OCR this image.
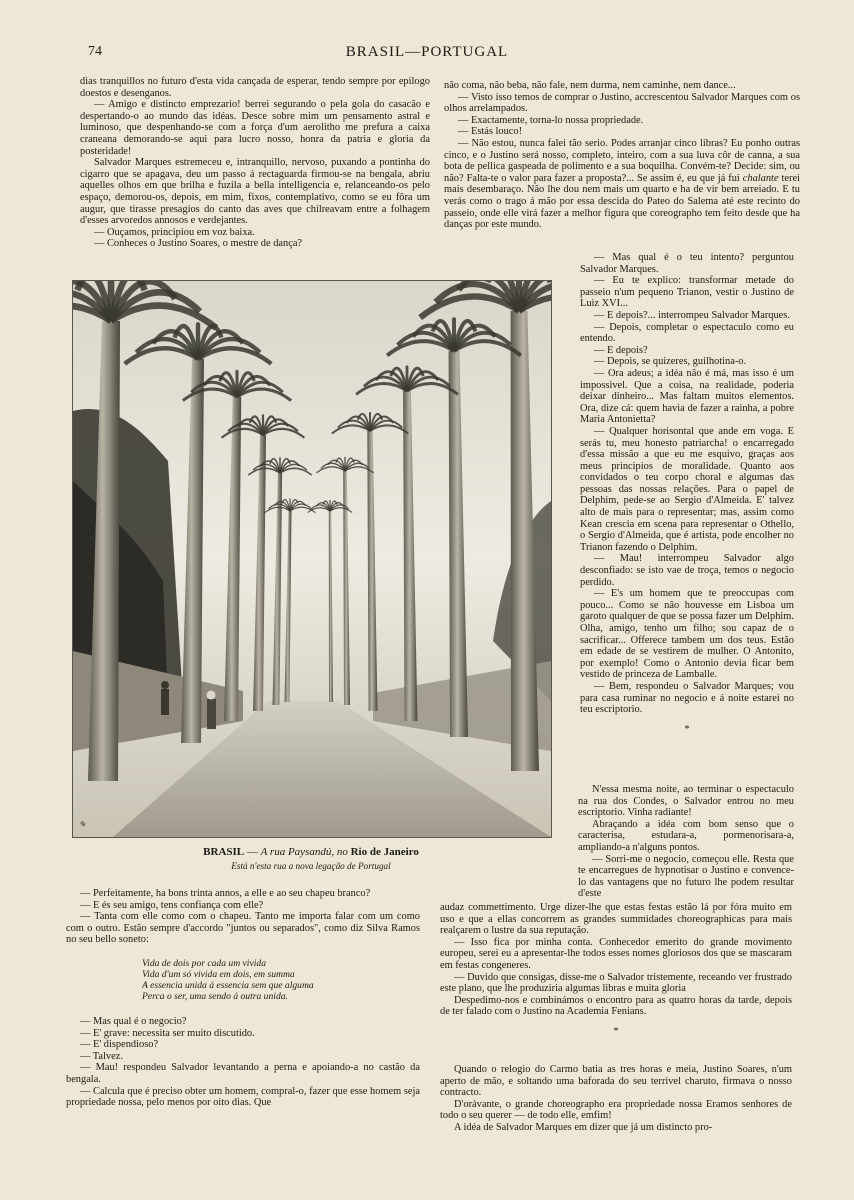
74	BRASIL—PORTUGAL

dias tranquillos no futuro d'esta vida cançada de esperar, tendo sempre por epilogo doestos e desenganos.

— Amigo e distincto emprezario! berrei segurando o pela gola do casacão e despertando-o ao mundo das idéas. Desce sobre mim um pensamento astral e luminoso, que despenhando-se com a força d'um aerolitho me prefura a caixa craneana demorando-se aqui para lucro nosso, honra da patria e gloria da posteridade!

Salvador Marques estremeceu e, intranquillo, nervoso, puxando a pontinha do cigarro que se apagava, deu um passo á rectaguarda firmou-se na bengala, abriu aquelles olhos em que brilha e fuzila a bella intelligencia e, relanceando-os pelo espaço, demorou-os, depois, em mim, fixos, contemplativo, como se eu fôra um augur, que tirasse presagios do canto das aves que chilreavam entre a folhagem d'esses arvoredos annosos e verdejantes.

— Ouçamos, principiou em voz baixa.

— Conheces o Justino Soares, o mestre de dança?

não coma, não beba, não fale, nem durma, nem caminhe, nem dance...

— Visto isso temos de comprar o Justino, accrescentou Salvador Marques com os olhos arrelampados.

— Exactamente, torna-lo nossa propriedade.

— Estás louco!

— Não estou, nunca falei tão serio. Podes arranjar cinco libras? Eu ponho outras cinco, e o Justino será nosso, completo, inteiro, com a sua luva côr de canna, a sua bota de pellica gaspeada de polimento e a sua boquilha. Convém-te? Decide: sim, ou não? Falta-te o valor para fazer a proposta?... Se assim é, eu que já fui chalante terei mais desembaraço. Não lhe dou nem mais um quarto e ha de vir bem arreiado. E tu verás como o trago á mão por essa descida do Pateo do Salema até este recinto do passeio, onde elle virá fazer a melhor figura que coreographo tem feito desde que ha danças por este mundo.

✎
BRASIL — A rua Paysandú, no Rio de Janeiro
Está n'esta rua a nova legação de Portugal

— Mas qual é o teu intento? perguntou Salvador Marques.

— Eu te explico: transformar metade do passeio n'um pequeno Trianon, vestir o Justino de Luiz XVI...

— E depois?... interrompeu Salvador Marques.

— Depois, completar o espectaculo como eu entendo.

— E depois?

— Depois, se quizeres, guilhotina-o.

— Ora adeus; a idéa não é má, mas isso é um impossivel. Que a coisa, na realidade, poderia deixar dinheiro... Mas faltam muitos elementos. Ora, dize cá: quem havia de fazer a rainha, a pobre Maria Antonietta?

— Qualquer horisontal que ande em voga. E serás tu, meu honesto patriarcha! o encarregado d'essa missão a que eu me esquivo, graças aos meus principios de moralidade. Quanto aos convidados o teu corpo choral e algumas das pessoas das nossas relações. Para o papel de Delphim, pede-se ao Sergio d'Almeida. E' talvez alto de mais para o representar; mas, assim como Kean crescia em scena para representar o Othello, o Sergio d'Almeida, que é artista, pode encolher no Trianon fazendo o Delphim.

— Mau! interrompeu Salvador algo desconfiado: se isto vae de troça, temos o negocio perdido.

— E's um homem que te preoccupas com pouco... Como se não houvesse em Lisboa um garoto qualquer de que se possa fazer um Delphim. Olha, amigo, tenho um filho; sou capaz de o sacrificar... Offerece tambem um dos teus. Estão em edade de se vestirem de mulher. O Antonito, por exemplo! Como o Antonio devia ficar bem vestido de princeza de Lamballe.

— Bem, respondeu o Salvador Marques; vou para casa ruminar no negocio e á noite estarei no teu escriptorio.

*

N'essa mesma noite, ao terminar o espectaculo na rua dos Condes, o Salvador entrou no meu escriptorio. Vinha radiante!

Abraçando a idéa com bom senso que o caracterisa, estudara-a, pormenorisara-a, ampliando-a n'alguns pontos.

— Sorri-me o negocio, começou elle. Resta que te encarregues de hypnotisar o Justino e convence-lo das vantagens que no futuro lhe podem resultar d'este

audaz commettimento. Urge dizer-lhe que estas festas estão lá por fóra muito em uso e que a ellas concorrem as grandes summidades choreographicas para mais realçarem o lustre da sua reputação.

— Isso fica por minha conta. Conhecedor emerito do grande movimento europeu, serei eu a apresentar-lhe todos esses nomes gloriosos dos que se mascaram em festas congeneres.

— Duvido que consigas, disse-me o Salvador tristemente, receando ver frustrado este plano, que lhe produziria algumas libras e muita gloria

Despedimo-nos e combinámos o encontro para as quatro horas da tarde, depois de ter falado com o Justino na Academia Fenians.

*

Quando o relogio do Carmo batia as tres horas e meia, Justino Soares, n'um aperto de mão, e soltando uma baforada do seu terrivel charuto, firmava o nosso contracto.

D'orávante, o grande choreographo era propriedade nossa Eramos senhores de todo o seu querer — de todo elle, emfim!

A idéa de Salvador Marques em dizer que já um distincto pro-

— Perfeitamente, ha bons trinta annos, a elle e ao seu chapeu branco?

— E és seu amigo, tens confiança com elle?

— Tanta com elle como com o chapeu. Tanto me importa falar com um como com o outro. Estão sempre d'accordo "juntos ou separados", como diz Silva Ramos no seu bello soneto:

Vida de dois por cada um vivida
Vida d'um só vivida em dois, em summa
A essencia unida á essencia sem que alguma
Perca o ser, uma sendo á outra unida.

— Mas qual é o negocio?

— E' grave: necessita ser muito discutido.

— E' dispendioso?

— Talvez.

— Mau! respondeu Salvador levantando a perna e apoiando-a no castão da bengala.

— Calcula que é preciso obter um homem, compral-o, fazer que esse homem seja propriedade nossa, pelo menos por oito dias. Que
